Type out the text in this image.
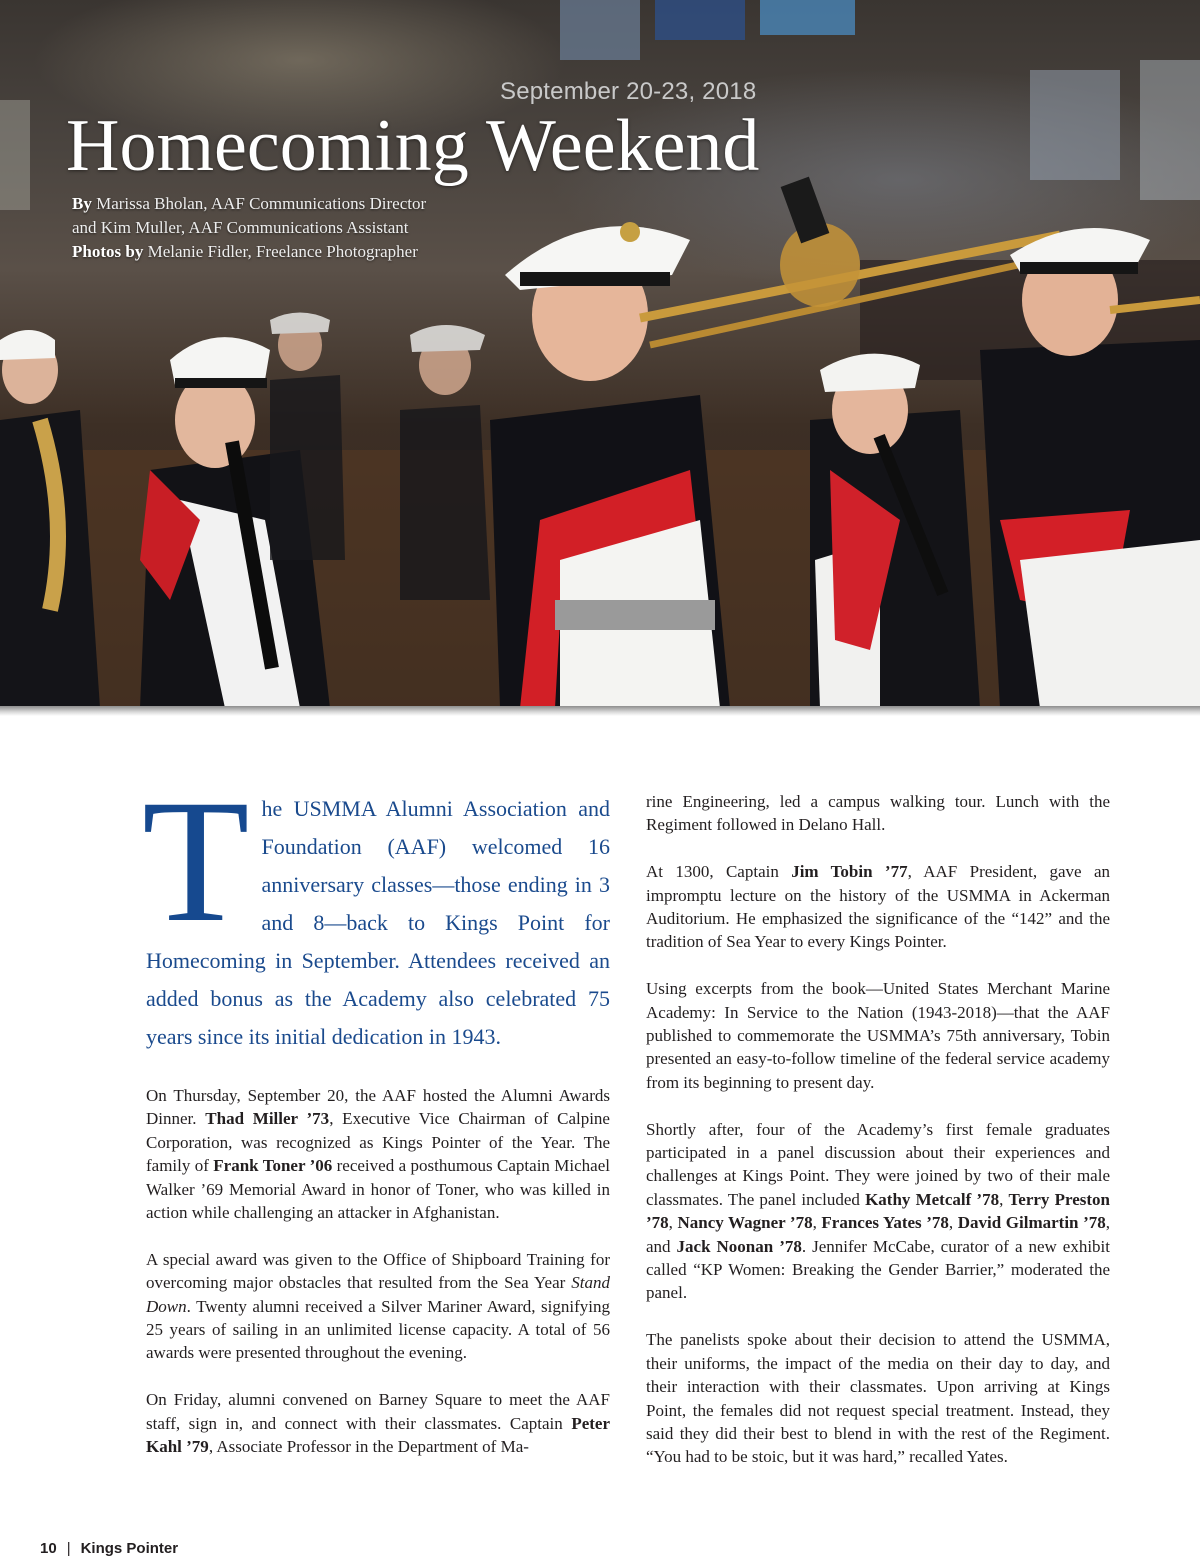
September 20-23, 2018
Homecoming Weekend
By Marissa Bholan, AAF Communications Director
and Kim Muller, AAF Communications Assistant
Photos by Melanie Fidler, Freelance Photographer

The USMMA Alumni Association and Foundation (AAF) welcomed 16 anniversary classes—those ending in 3 and 8—back to Kings Point for Homecoming in September. Attendees received an added bonus as the Academy also celebrated 75 years since its initial dedication in 1943.

On Thursday, September 20, the AAF hosted the Alumni Awards Dinner. Thad Miller ’73, Executive Vice Chairman of Calpine Corporation, was recognized as Kings Pointer of the Year. The family of Frank Toner ’06 received a posthumous Captain Michael Walker ’69 Memorial Award in honor of Toner, who was killed in action while challenging an attacker in Afghanistan.

A special award was given to the Office of Shipboard Training for overcoming major obstacles that resulted from the Sea Year Stand Down. Twenty alumni received a Silver Mariner Award, signifying 25 years of sailing in an unlimited license capacity. A total of 56 awards were presented throughout the evening.

On Friday, alumni convened on Barney Square to meet the AAF staff, sign in, and connect with their classmates. Captain Peter Kahl ’79, Associate Professor in the Department of Ma-

rine Engineering, led a campus walking tour. Lunch with the Regiment followed in Delano Hall.

At 1300, Captain Jim Tobin ’77, AAF President, gave an impromptu lecture on the history of the USMMA in Ackerman Auditorium. He emphasized the significance of the “142” and the tradition of Sea Year to every Kings Pointer.

Using excerpts from the book—United States Merchant Marine Academy: In Service to the Nation (1943-2018)—that the AAF published to commemorate the USMMA’s 75th anniversary, Tobin presented an easy-to-follow timeline of the federal service academy from its beginning to present day.

Shortly after, four of the Academy’s first female graduates participated in a panel discussion about their experiences and challenges at Kings Point. They were joined by two of their male classmates. The panel included Kathy Metcalf ’78, Terry Preston ’78, Nancy Wagner ’78, Frances Yates ’78, David Gilmartin ’78, and Jack Noonan ’78. Jennifer McCabe, curator of a new exhibit called “KP Women: Breaking the Gender Barrier,” moderated the panel.

The panelists spoke about their decision to attend the USMMA, their uniforms, the impact of the media on their day to day, and their interaction with their classmates. Upon arriving at Kings Point, the females did not request special treatment. Instead, they said they did their best to blend in with the rest of the Regiment. “You had to be stoic, but it was hard,” recalled Yates.

10 | Kings Pointer
